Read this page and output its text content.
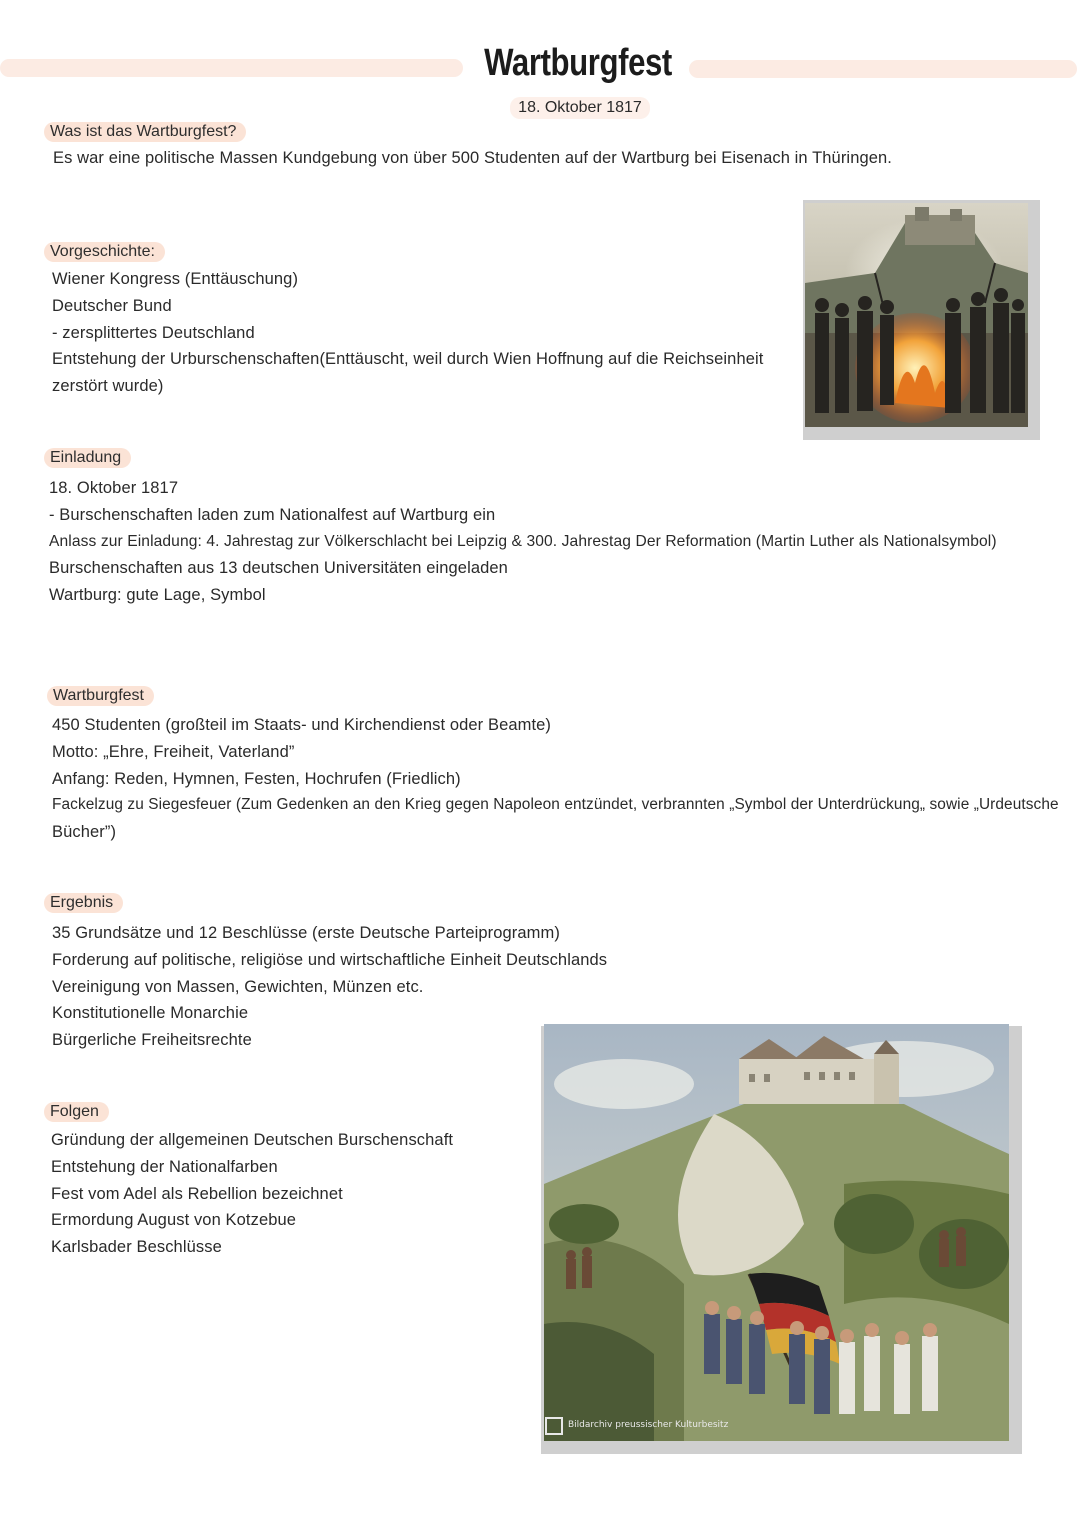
Wartburgfest
18. Oktober 1817
Was ist das Wartburgfest?
Es war eine politische Massen Kundgebung von über 500 Studenten auf der Wartburg bei Eisenach in Thüringen.
Vorgeschichte:
Wiener Kongress (Enttäuschung)
Deutscher Bund
- zersplittertes Deutschland
Entstehung der Urburschenschaften(Enttäuscht, weil durch Wien Hoffnung auf die Reichseinheit
zerstört wurde)
Einladung
18. Oktober 1817
- Burschenschaften laden zum Nationalfest auf Wartburg ein
Anlass zur Einladung: 4. Jahrestag zur Völkerschlacht bei Leipzig & 300. Jahrestag Der Reformation (Martin Luther als Nationalsymbol)
Burschenschaften aus 13 deutschen Universitäten eingeladen
Wartburg: gute Lage, Symbol
Wartburgfest
450 Studenten (großteil im Staats- und Kirchendienst oder Beamte)
Motto: „Ehre, Freiheit, Vaterland”
Anfang: Reden, Hymnen, Festen, Hochrufen (Friedlich)
Fackelzug zu Siegesfeuer (Zum Gedenken an den Krieg gegen Napoleon entzündet, verbrannten „Symbol der Unterdrückung„ sowie „Urdeutsche
Bücher”)
Ergebnis
35 Grundsätze und 12 Beschlüsse (erste Deutsche Parteiprogramm)
Forderung auf politische, religiöse und wirtschaftliche Einheit Deutschlands
Vereinigung von Massen, Gewichten, Münzen etc.
Konstitutionelle Monarchie
Bürgerliche Freiheitsrechte
Folgen
Gründung der allgemeinen Deutschen Burschenschaft
Entstehung der Nationalfarben
Fest vom Adel als Rebellion bezeichnet
Ermordung August von Kotzebue
Karlsbader Beschlüsse
Bildarchiv preussischer Kulturbesitz
